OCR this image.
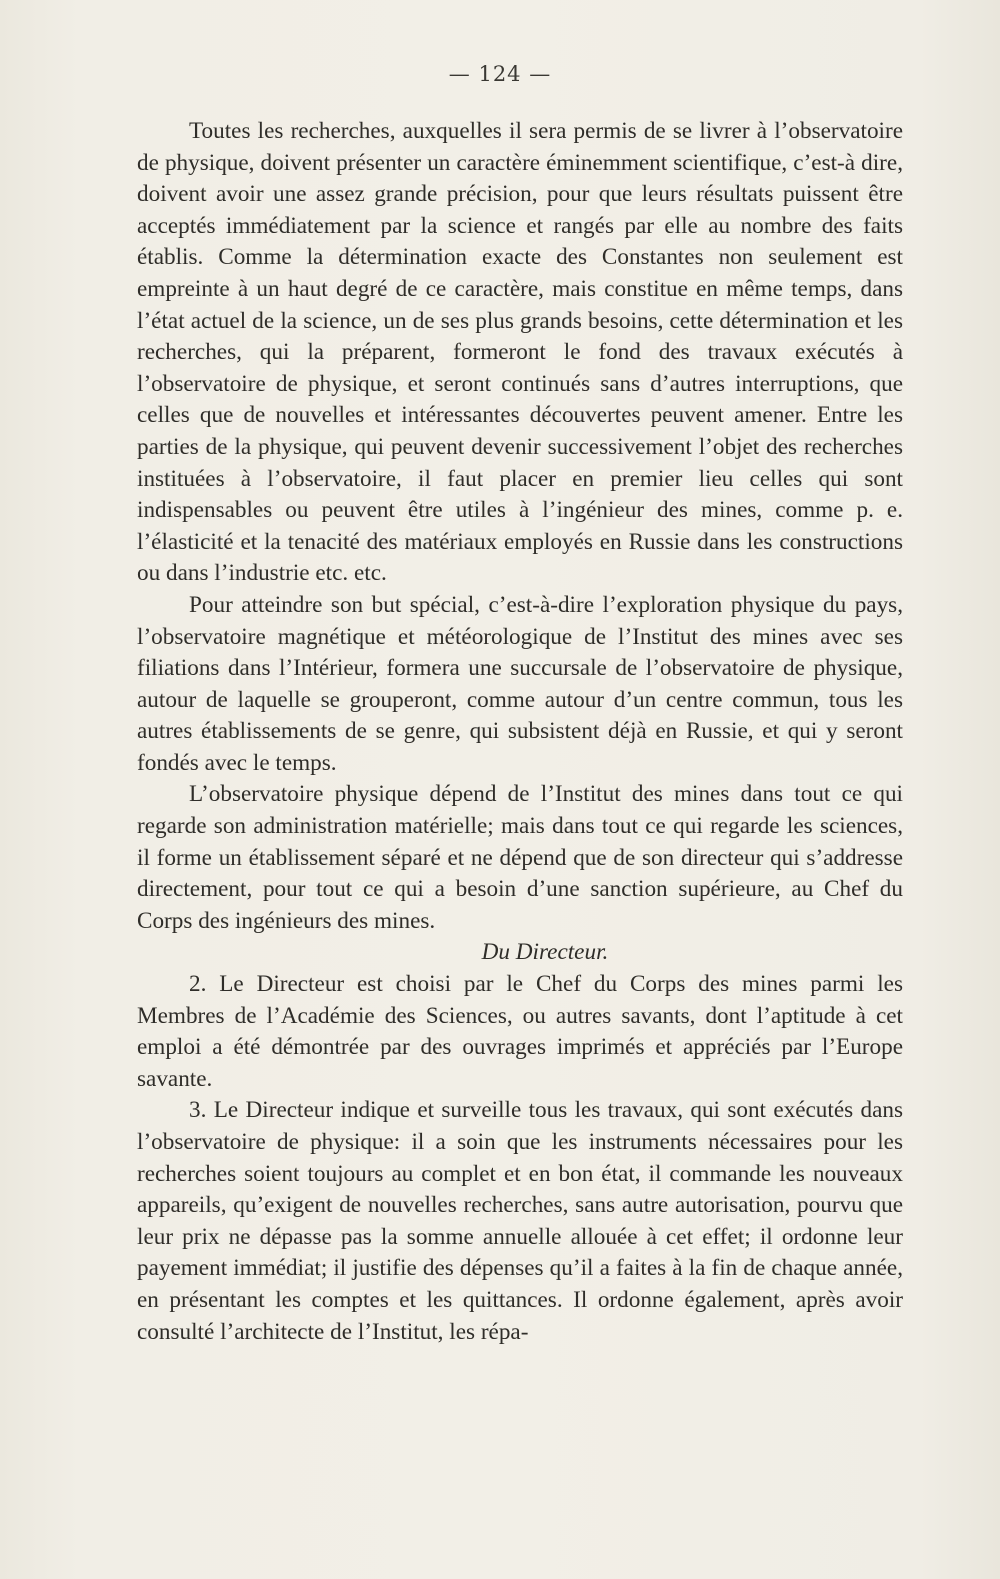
— 124 —

Toutes les recherches, auxquelles il sera permis de se livrer à l’observatoire de physique, doivent présenter un caractère éminemment scientifique, c’est-à dire, doivent avoir une assez grande précision, pour que leurs résultats puissent être acceptés immédiatement par la science et rangés par elle au nombre des faits établis. Comme la détermination exacte des Constantes non seulement est empreinte à un haut degré de ce caractère, mais constitue en même temps, dans l’état actuel de la science, un de ses plus grands besoins, cette détermination et les recherches, qui la préparent, formeront le fond des travaux exécutés à l’observatoire de physique, et seront continués sans d’autres interruptions, que celles que de nouvelles et intéressantes découvertes peuvent amener. Entre les parties de la physique, qui peuvent devenir successivement l’objet des recherches instituées à l’observatoire, il faut placer en premier lieu celles qui sont indispensables ou peuvent être utiles à l’ingénieur des mines, comme p. e. l’élasticité et la tenacité des matériaux employés en Russie dans les constructions ou dans l’industrie etc. etc.

Pour atteindre son but spécial, c’est-à-dire l’exploration physique du pays, l’observatoire magnétique et météorologique de l’Institut des mines avec ses filiations dans l’Intérieur, formera une succursale de l’observatoire de physique, autour de laquelle se grouperont, comme autour d’un centre commun, tous les autres établissements de se genre, qui subsistent déjà en Russie, et qui y seront fondés avec le temps.

L’observatoire physique dépend de l’Institut des mines dans tout ce qui regarde son administration matérielle; mais dans tout ce qui regarde les sciences, il forme un établissement séparé et ne dépend que de son directeur qui s’addresse directement, pour tout ce qui a besoin d’une sanction supérieure, au Chef du Corps des ingénieurs des mines.

Du Directeur.

2. Le Directeur est choisi par le Chef du Corps des mines parmi les Membres de l’Académie des Sciences, ou autres savants, dont l’aptitude à cet emploi a été démontrée par des ouvrages imprimés et appréciés par l’Europe savante.

3. Le Directeur indique et surveille tous les travaux, qui sont exécutés dans l’observatoire de physique: il a soin que les instruments nécessaires pour les recherches soient toujours au complet et en bon état, il commande les nouveaux appareils, qu’exigent de nouvelles recherches, sans autre autorisation, pourvu que leur prix ne dépasse pas la somme annuelle allouée à cet effet; il ordonne leur payement immédiat; il justifie des dépenses qu’il a faites à la fin de chaque année, en présentant les comptes et les quittances. Il ordonne également, après avoir consulté l’architecte de l’Institut, les répa-
